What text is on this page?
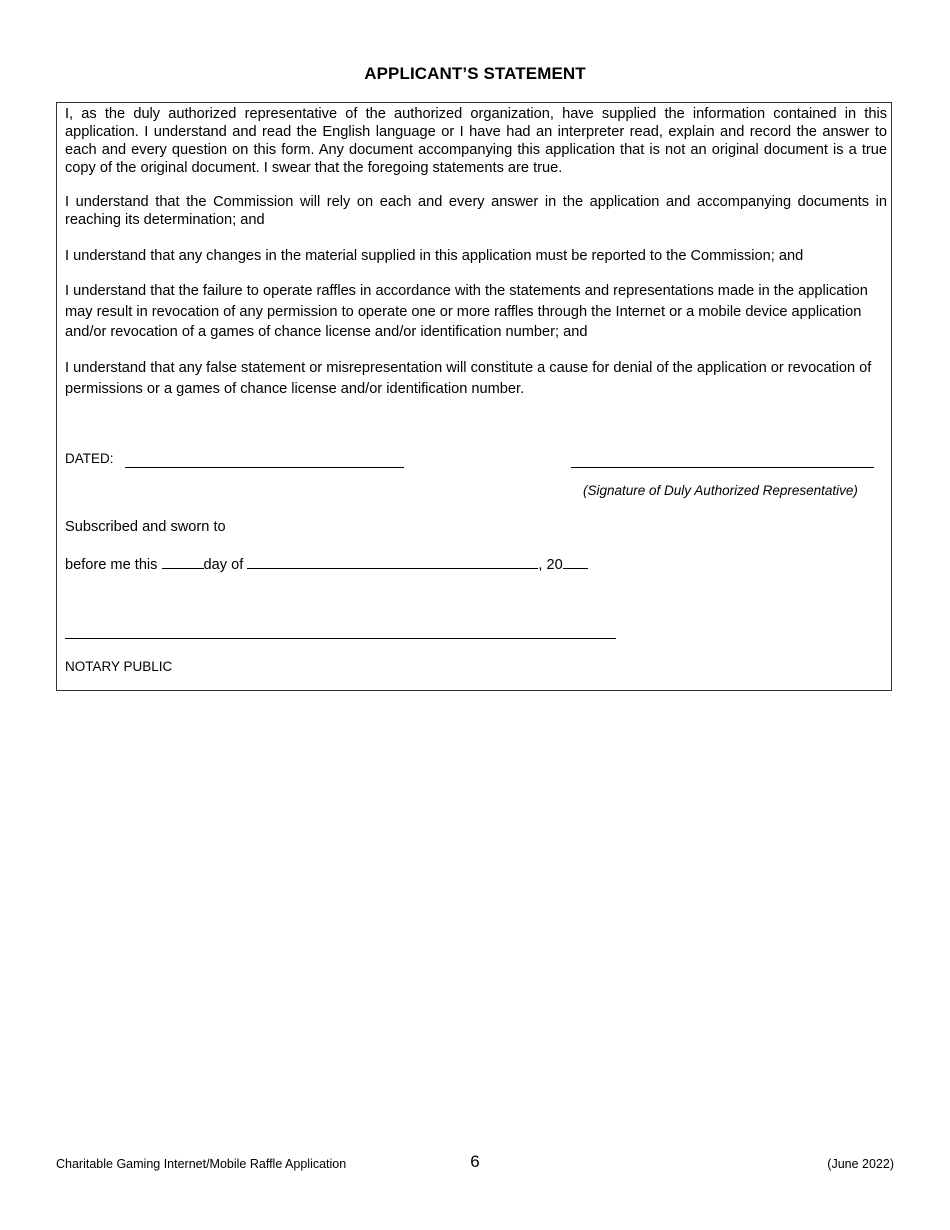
APPLICANT’S STATEMENT
I, as the duly authorized representative of the authorized organization, have supplied the information contained in this application. I understand and read the English language or I have had an interpreter read, explain and record the answer to each and every question on this form. Any document accompanying this application that is not an original document is a true copy of the original document. I swear that the foregoing statements are true.
I understand that the Commission will rely on each and every answer in the application and accompanying documents in reaching its determination; and
I understand that any changes in the material supplied in this application must be reported to the Commission; and
I understand that the failure to operate raffles in accordance with the statements and representations made in the application may result in revocation of any permission to operate one or more raffles through the Internet or a mobile device application and/or revocation of a games of chance license and/or identification number; and
I understand that any false statement or misrepresentation will constitute a cause for denial of the application or revocation of permissions or a games of chance license and/or identification number.
DATED:
(Signature of Duly Authorized Representative)
Subscribed and sworn to
before me this	day of	, 20
NOTARY PUBLIC
Charitable Gaming Internet/Mobile Raffle Application	6	(June 2022)
